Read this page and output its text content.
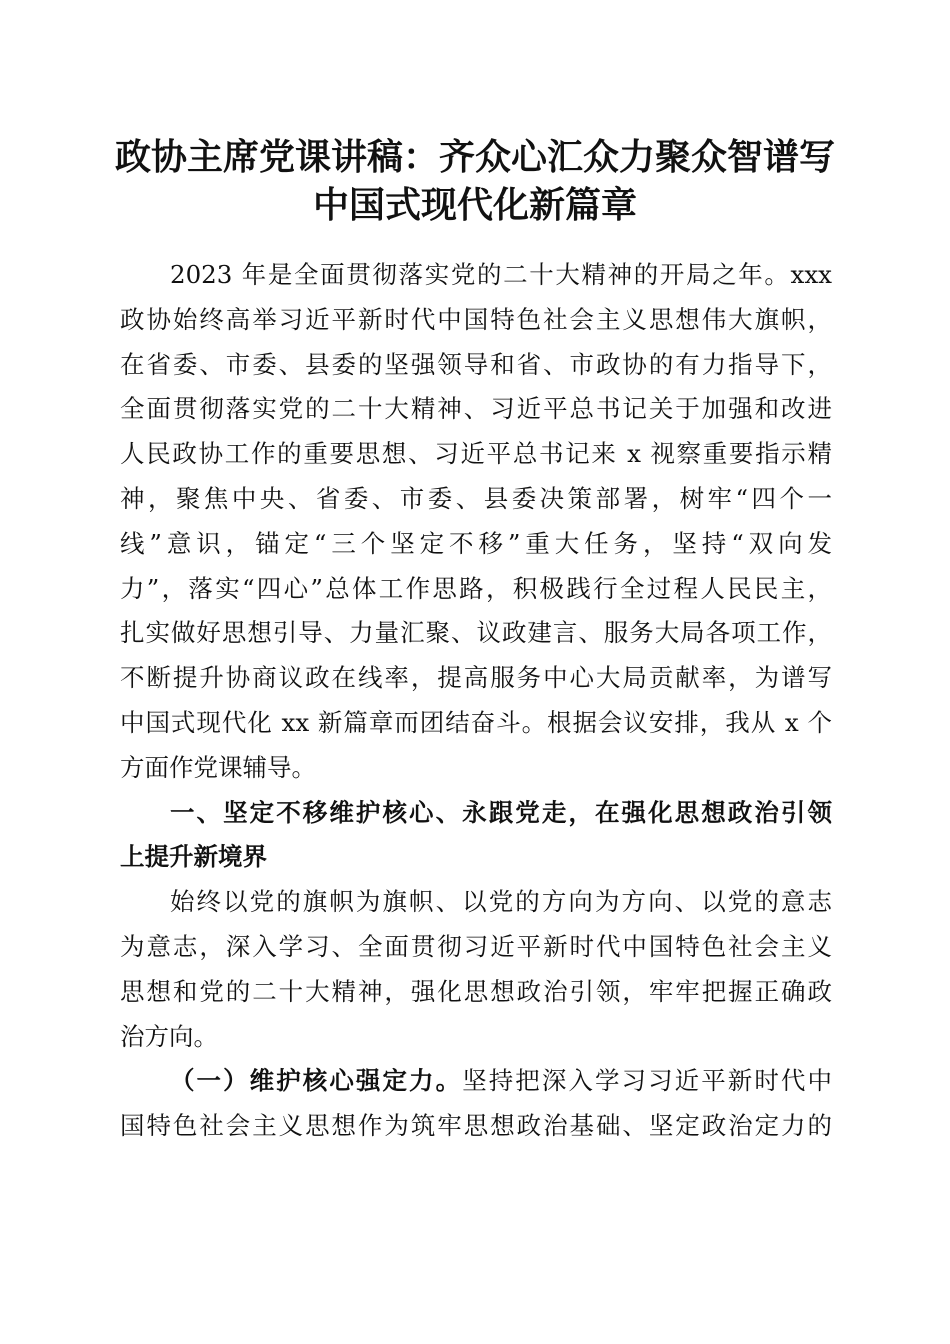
政协主席党课讲稿：齐众心汇众力聚众智谱写
中国式现代化新篇章
2023 年是全面贯彻落实党的二十大精神的开局之年。xxx
政协始终高举习近平新时代中国特色社会主义思想伟大旗帜，
在省委、市委、县委的坚强领导和省、市政协的有力指导下，
全面贯彻落实党的二十大精神、习近平总书记关于加强和改进
人民政协工作的重要思想、习近平总书记来 x 视察重要指示精
神，聚焦中央、省委、市委、县委决策部署，树牢“四个一
线”意识，锚定“三个坚定不移”重大任务，坚持“双向发
力”，落实“四心”总体工作思路，积极践行全过程人民民主，
扎实做好思想引导、力量汇聚、议政建言、服务大局各项工作，
不断提升协商议政在线率，提高服务中心大局贡献率，为谱写
中国式现代化 xx 新篇章而团结奋斗。根据会议安排，我从 x 个
方面作党课辅导。
一、坚定不移维护核心、永跟党走，在强化思想政治引领
上提升新境界
始终以党的旗帜为旗帜、以党的方向为方向、以党的意志
为意志，深入学习、全面贯彻习近平新时代中国特色社会主义
思想和党的二十大精神，强化思想政治引领，牢牢把握正确政
治方向。
（一）维护核心强定力。坚持把深入学习习近平新时代中
国特色社会主义思想作为筑牢思想政治基础、坚定政治定力的
